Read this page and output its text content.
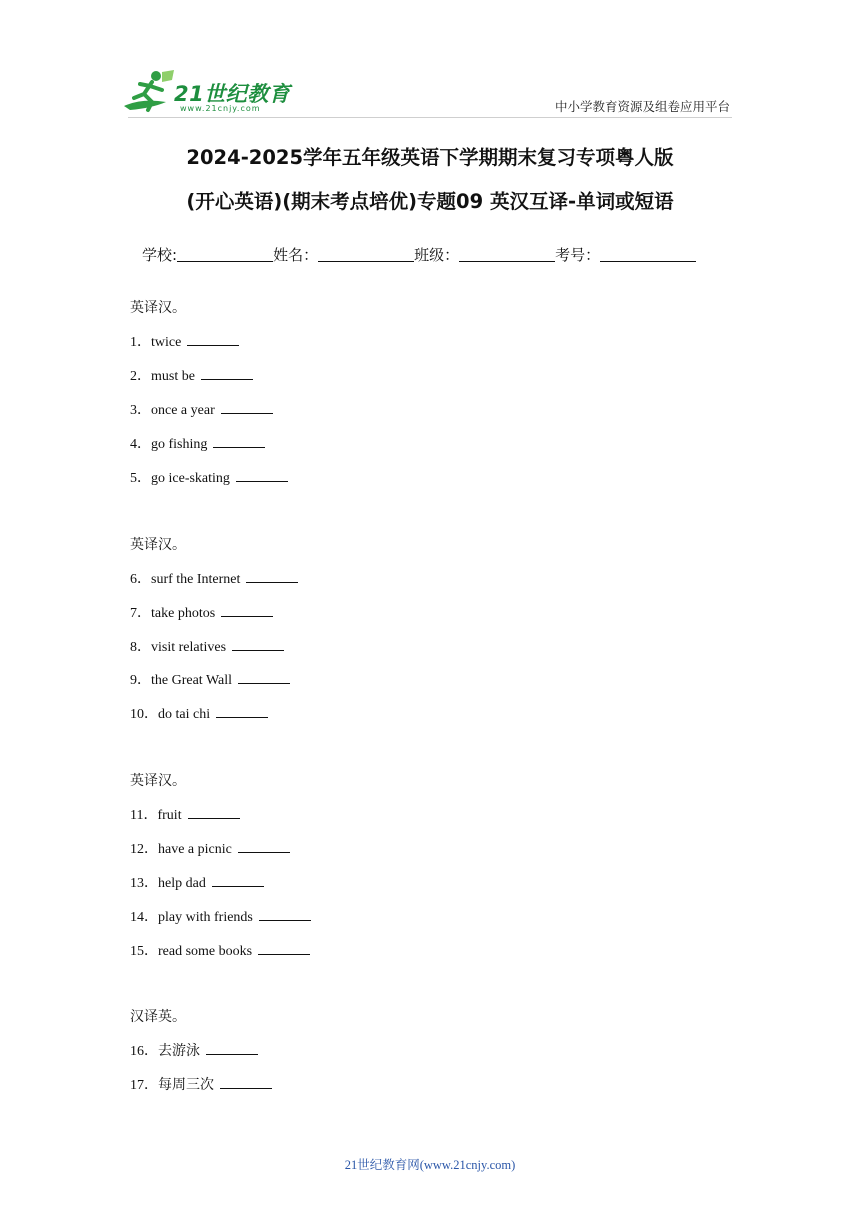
21世纪教育
www.21cnjy.com	中小学教育资源及组卷应用平台
2024-2025学年五年级英语下学期期末复习专项粤人版
(开心英语)(期末考点培优)专题09 英汉互译-单词或短语
学校:	姓名：	班级：	考号：
英译汉。
1．twice
2．must be
3．once a year
4．go fishing
5．go ice-skating
英译汉。
6．surf the Internet
7．take photos
8．visit relatives
9．the Great Wall
10．do tai chi
英译汉。
11．fruit
12．have a picnic
13．help dad
14．play with friends
15．read some books
汉译英。
16．去游泳
17．每周三次
21世纪教育网(www.21cnjy.com)
